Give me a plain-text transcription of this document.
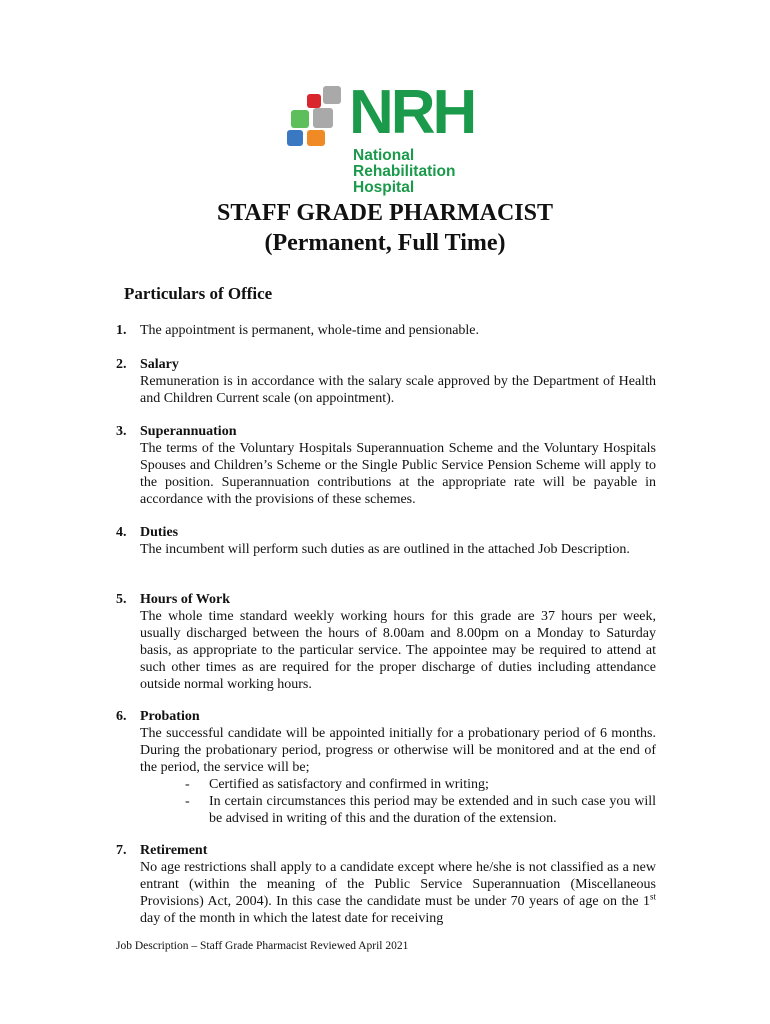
NRH
National
Rehabilitation
Hospital
STAFF GRADE PHARMACIST
(Permanent, Full Time)
Particulars of Office
1. The appointment is permanent, whole-time and pensionable.
2. Salary
Remuneration is in accordance with the salary scale approved by the Department of Health and Children Current scale (on appointment).
3. Superannuation
The terms of the Voluntary Hospitals Superannuation Scheme and the Voluntary Hospitals Spouses and Children’s Scheme or the Single Public Service Pension Scheme will apply to the position. Superannuation contributions at the appropriate rate will be payable in accordance with the provisions of these schemes.
4. Duties
The incumbent will perform such duties as are outlined in the attached Job Description.
5. Hours of Work
The whole time standard weekly working hours for this grade are 37 hours per week, usually discharged between the hours of 8.00am and 8.00pm on a Monday to Saturday basis, as appropriate to the particular service. The appointee may be required to attend at such other times as are required for the proper discharge of duties including attendance outside normal working hours.
6. Probation
The successful candidate will be appointed initially for a probationary period of 6 months. During the probationary period, progress or otherwise will be monitored and at the end of the period, the service will be;
- Certified as satisfactory and confirmed in writing;
- In certain circumstances this period may be extended and in such case you will be advised in writing of this and the duration of the extension.
7. Retirement
No age restrictions shall apply to a candidate except where he/she is not classified as a new entrant (within the meaning of the Public Service Superannuation (Miscellaneous Provisions) Act, 2004). In this case the candidate must be under 70 years of age on the 1st day of the month in which the latest date for receiving
Job Description – Staff Grade Pharmacist Reviewed April 2021
